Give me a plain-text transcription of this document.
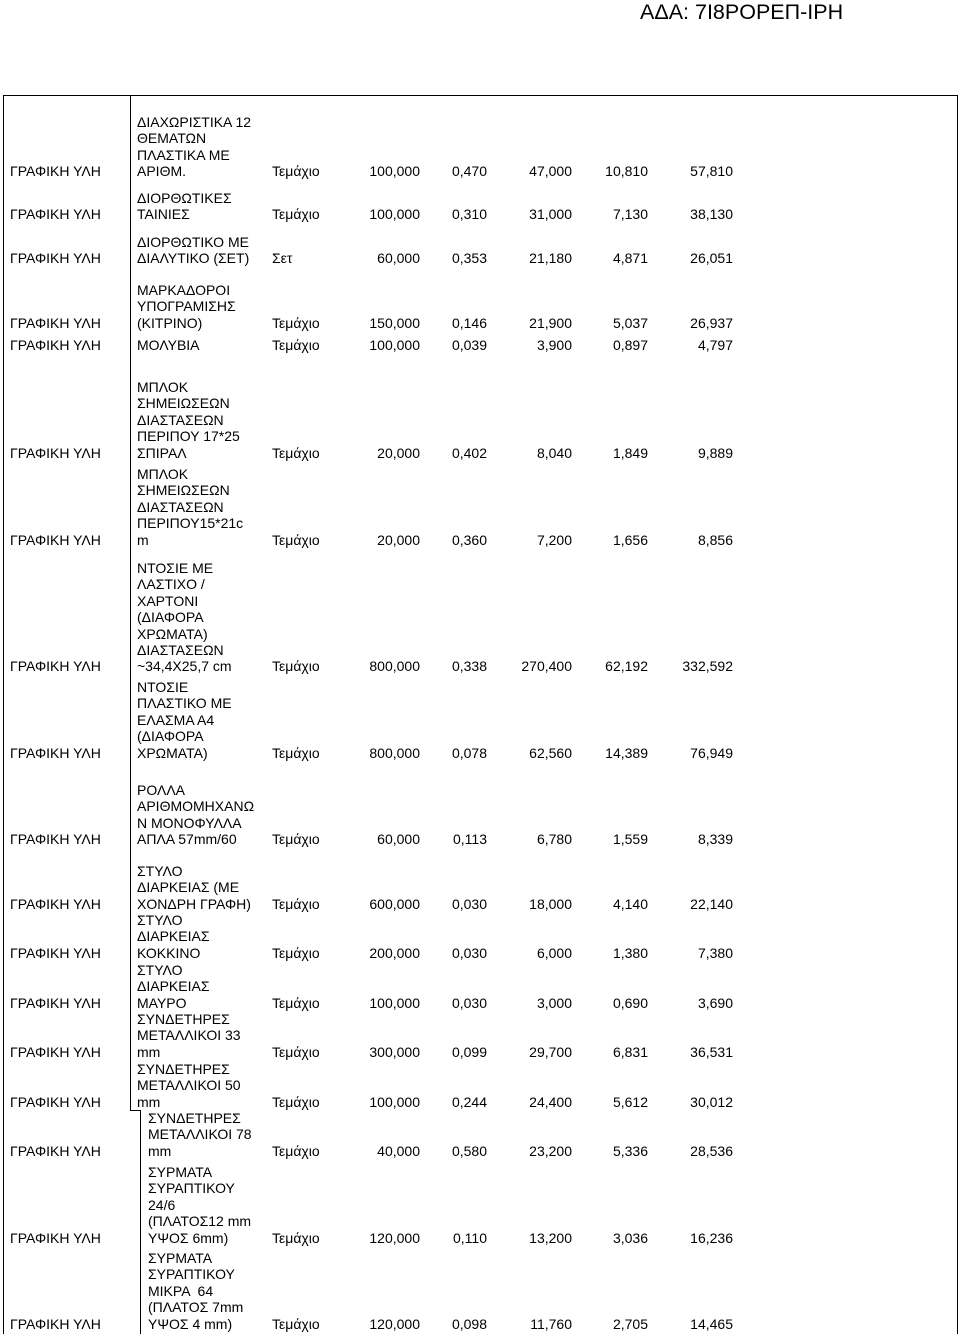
ΑΔΑ: 7Ι8ΡΟΡΕΠ-ΙΡΗ
ΓΡΑΦΙΚΗ ΥΛΗ
ΔΙΑΧΩΡΙΣΤΙΚΑ 12
ΘΕΜΑΤΩΝ
ΠΛΑΣΤΙΚΑ ΜΕ
ΑΡΙΘΜ.	Τεμάχιο	100,000 0,470	47,000 10,810	57,810
ΓΡΑΦΙΚΗ ΥΛΗ
ΔΙΟΡΘΩΤΙΚΕΣ
ΤΑΙΝΙΕΣ	Τεμάχιο	100,000 0,310	31,000	7,130	38,130
ΓΡΑΦΙΚΗ ΥΛΗ
ΔΙΟΡΘΩΤΙΚΟ ΜΕ
ΔΙΑΛΥΤΙΚΟ (ΣΕΤ) Σετ	60,000 0,353	21,180	4,871	26,051
ΓΡΑΦΙΚΗ ΥΛΗ
ΜΑΡΚΑΔΟΡΟΙ
ΥΠΟΓΡΑΜΙΣΗΣ
(ΚΙΤΡΙΝΟ)	Τεμάχιο	150,000 0,146	21,900	5,037	26,937
ΓΡΑΦΙΚΗ ΥΛΗ	ΜΟΛΥΒΙΑ	Τεμάχιο	100,000 0,039	3,900	0,897	4,797
ΓΡΑΦΙΚΗ ΥΛΗ
ΜΠΛΟΚ
ΣΗΜΕΙΩΣΕΩΝ
ΔΙΑΣΤΑΣΕΩΝ
ΠΕΡΙΠΟΥ 17*25
ΣΠΙΡΑΛ	Τεμάχιο	20,000 0,402	8,040	1,849	9,889
ΓΡΑΦΙΚΗ ΥΛΗ
ΜΠΛΟΚ
ΣΗΜΕΙΩΣΕΩΝ
ΔΙΑΣΤΑΣΕΩΝ
ΠΕΡΙΠΟΥ15*21c
m	Τεμάχιο	20,000 0,360	7,200	1,656	8,856
ΓΡΑΦΙΚΗ ΥΛΗ
ΝΤΟΣΙΕ ΜΕ
ΛΑΣΤΙΧΟ /
ΧΑΡΤΟΝΙ
(ΔΙΑΦΟΡΑ
ΧΡΩΜΑΤΑ)
ΔΙΑΣΤΑΣΕΩΝ
~34,4Χ25,7 cm	Τεμάχιο	800,000 0,338 270,400 62,192 332,592
ΓΡΑΦΙΚΗ ΥΛΗ
ΝΤΟΣΙΕ
ΠΛΑΣΤΙΚΟ ΜΕ
ΕΛΑΣΜΑ Α4
(ΔΙΑΦΟΡΑ
ΧΡΩΜΑΤΑ)	Τεμάχιο	800,000 0,078	62,560 14,389	76,949
ΓΡΑΦΙΚΗ ΥΛΗ
ΡΟΛΛΑ
ΑΡΙΘΜΟΜΗΧΑΝΩ
Ν ΜΟΝΟΦΥΛΛΑ
ΑΠΛΑ 57mm/60	Τεμάχιο	60,000 0,113	6,780	1,559	8,339
ΓΡΑΦΙΚΗ ΥΛΗ
ΣΤΥΛΟ
ΔΙΑΡΚΕΙΑΣ (ΜΕ
ΧΟΝΔΡΗ ΓΡΑΦΗ) Τεμάχιο	600,000 0,030	18,000	4,140	22,140
ΓΡΑΦΙΚΗ ΥΛΗ
ΣΤΥΛΟ
ΔΙΑΡΚΕΙΑΣ
ΚΟΚΚΙΝΟ	Τεμάχιο	200,000 0,030	6,000	1,380	7,380
ΓΡΑΦΙΚΗ ΥΛΗ
ΣΤΥΛΟ
ΔΙΑΡΚΕΙΑΣ
ΜΑΥΡΟ	Τεμάχιο	100,000 0,030	3,000	0,690	3,690
ΓΡΑΦΙΚΗ ΥΛΗ
ΣΥΝΔΕΤΗΡΕΣ
ΜΕΤΑΛΛΙΚΟΙ 33
mm	Τεμάχιο	300,000 0,099	29,700	6,831	36,531
ΓΡΑΦΙΚΗ ΥΛΗ
ΣΥΝΔΕΤΗΡΕΣ
ΜΕΤΑΛΛΙΚΟΙ 50
mm	Τεμάχιο	100,000 0,244	24,400	5,612	30,012
ΓΡΑΦΙΚΗ ΥΛΗ
ΣΥΝΔΕΤΗΡΕΣ
ΜΕΤΑΛΛΙΚΟΙ 78
mm	Τεμάχιο	40,000 0,580	23,200	5,336	28,536
ΓΡΑΦΙΚΗ ΥΛΗ
ΣΥΡΜΑΤΑ
ΣΥΡΑΠΤΙΚΟΥ
24/6
(ΠΛΑΤΟΣ12 mm
ΥΨΟΣ 6mm)	Τεμάχιο	120,000 0,110	13,200	3,036	16,236
ΓΡΑΦΙΚΗ ΥΛΗ
ΣΥΡΜΑΤΑ
ΣΥΡΑΠΤΙΚΟΥ
ΜΙΚΡΑ  64
(ΠΛΑΤΟΣ 7mm
ΥΨΟΣ 4 mm)	Τεμάχιο	120,000 0,098	11,760	2,705	14,465
